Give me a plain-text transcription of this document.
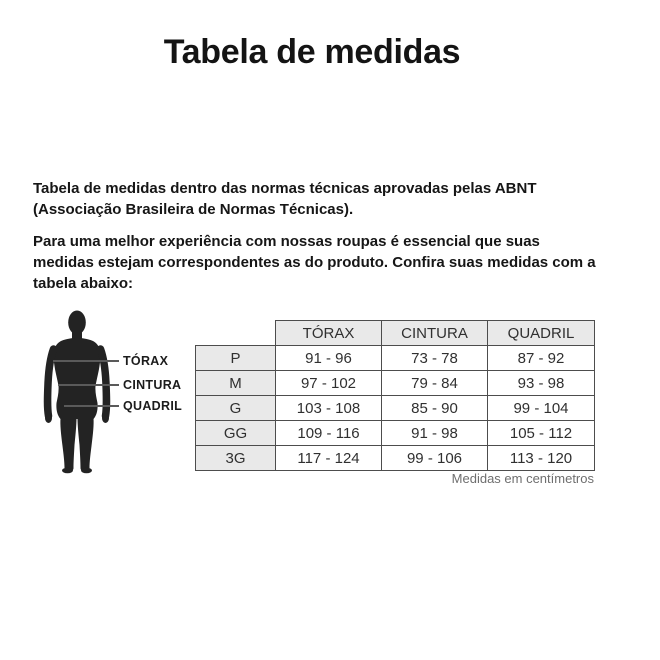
Tabela de medidas
Tabela de medidas dentro das normas técnicas aprovadas pelas ABNT
(Associação Brasileira de Normas Técnicas).
Para uma melhor experiência com nossas roupas é essencial que suas
medidas estejam correspondentes as do produto. Confira suas medidas com a
tabela abaixo:
TÓRAX
CINTURA
QUADRIL
	TÓRAX	CINTURA	QUADRIL
P	91 - 96	73 - 78	87 - 92
M	97 - 102	79 - 84	93 - 98
G	103 - 108	85 - 90	99 - 104
GG	109 - 116	91 - 98	105 - 112
3G	117 - 124	99 - 106	113 - 120
Medidas em centímetros
